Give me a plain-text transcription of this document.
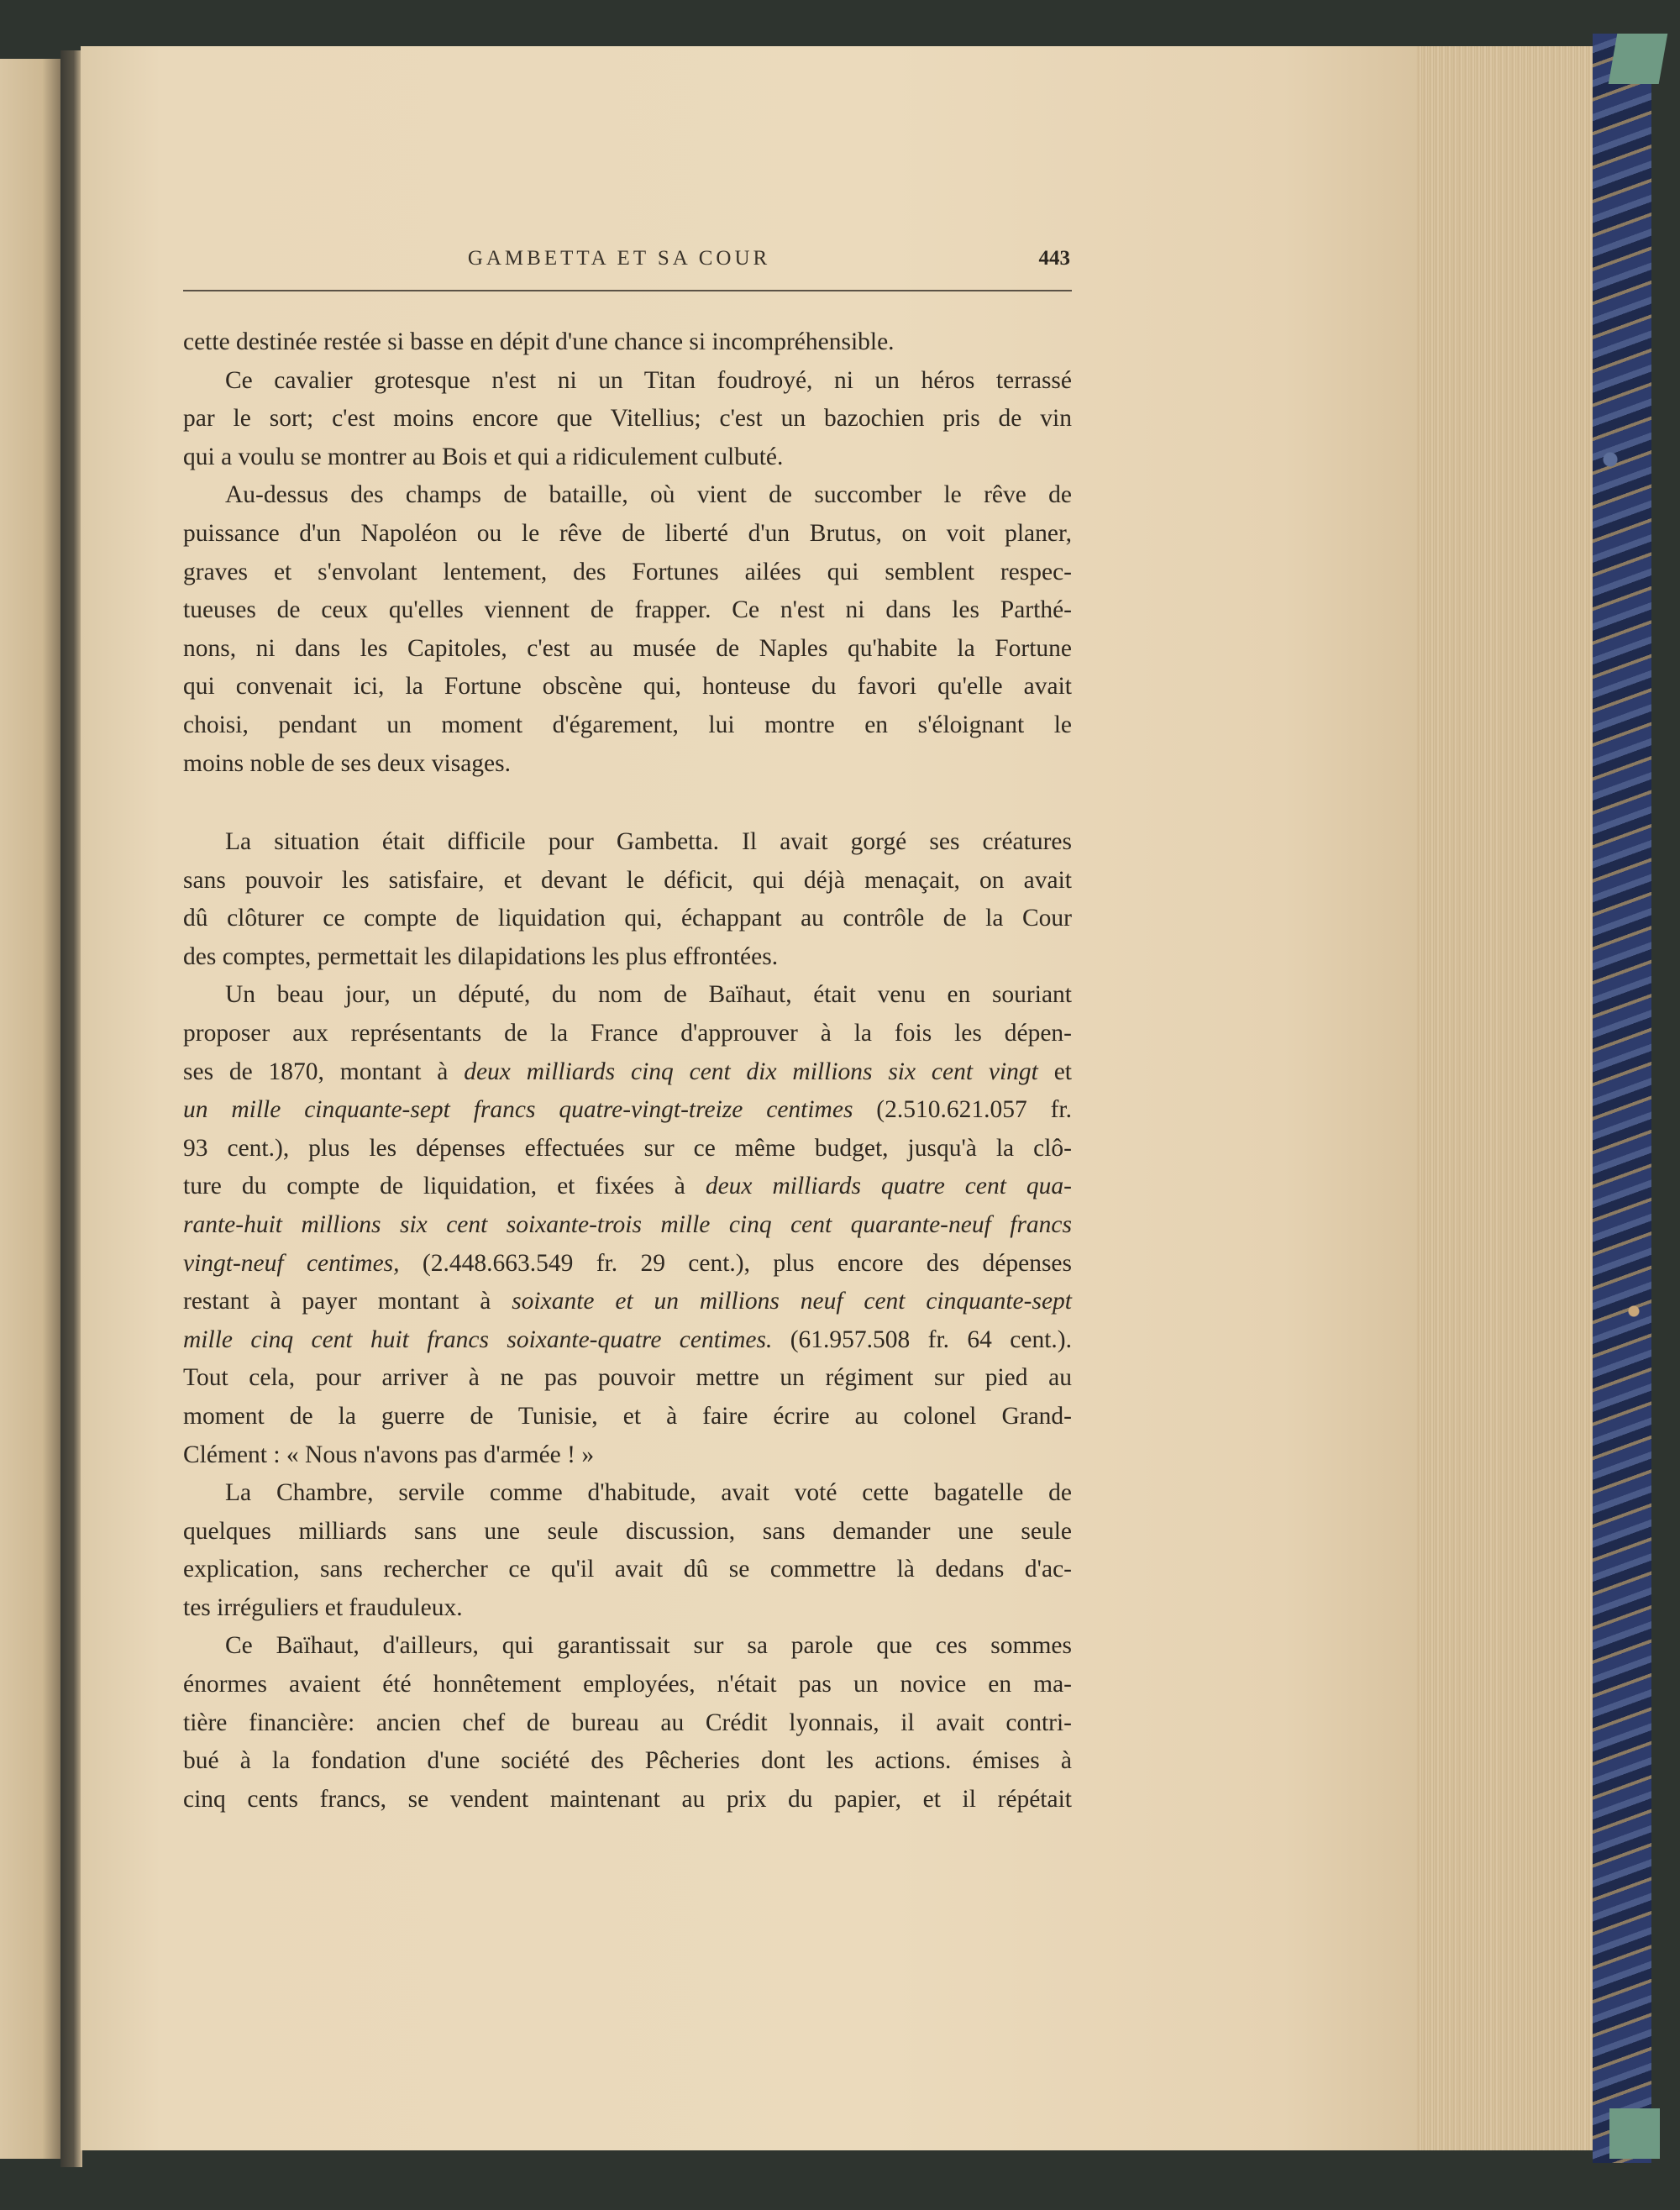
GAMBETTA ET SA COUR	443
cette destinée restée si basse en dépit d'une chance si incompréhensible.
Ce cavalier grotesque n'est ni un Titan foudroyé, ni un héros terrassé
par le sort; c'est moins encore que Vitellius; c'est un bazochien pris de vin
qui a voulu se montrer au Bois et qui a ridiculement culbuté.
Au-dessus des champs de bataille, où vient de succomber le rêve de
puissance d'un Napoléon ou le rêve de liberté d'un Brutus, on voit planer,
graves et s'envolant lentement, des Fortunes ailées qui semblent respec-
tueuses de ceux qu'elles viennent de frapper. Ce n'est ni dans les Parthé-
nons, ni dans les Capitoles, c'est au musée de Naples qu'habite la Fortune
qui convenait ici, la Fortune obscène qui, honteuse du favori qu'elle avait
choisi, pendant un moment d'égarement, lui montre en s'éloignant le
moins noble de ses deux visages.
La situation était difficile pour Gambetta. Il avait gorgé ses créatures
sans pouvoir les satisfaire, et devant le déficit, qui déjà menaçait, on avait
dû clôturer ce compte de liquidation qui, échappant au contrôle de la Cour
des comptes, permettait les dilapidations les plus effrontées.
Un beau jour, un député, du nom de Baïhaut, était venu en souriant
proposer aux représentants de la France d'approuver à la fois les dépen-
ses de 1870, montant à deux milliards cinq cent dix millions six cent vingt et
un mille cinquante-sept francs quatre-vingt-treize centimes (2.510.621.057 fr.
93 cent.), plus les dépenses effectuées sur ce même budget, jusqu'à la clô-
ture du compte de liquidation, et fixées à deux milliards quatre cent qua-
rante-huit millions six cent soixante-trois mille cinq cent quarante-neuf francs
vingt-neuf centimes, (2.448.663.549 fr. 29 cent.), plus encore des dépenses
restant à payer montant à soixante et un millions neuf cent cinquante-sept
mille cinq cent huit francs soixante-quatre centimes. (61.957.508 fr. 64 cent.).
Tout cela, pour arriver à ne pas pouvoir mettre un régiment sur pied au
moment de la guerre de Tunisie, et à faire écrire au colonel Grand-
Clément : « Nous n'avons pas d'armée ! »
La Chambre, servile comme d'habitude, avait voté cette bagatelle de
quelques milliards sans une seule discussion, sans demander une seule
explication, sans rechercher ce qu'il avait dû se commettre là dedans d'ac-
tes irréguliers et frauduleux.
Ce Baïhaut, d'ailleurs, qui garantissait sur sa parole que ces sommes
énormes avaient été honnêtement employées, n'était pas un novice en ma-
tière financière: ancien chef de bureau au Crédit lyonnais, il avait contri-
bué à la fondation d'une société des Pêcheries dont les actions. émises à
cinq cents francs, se vendent maintenant au prix du papier, et il répétait
